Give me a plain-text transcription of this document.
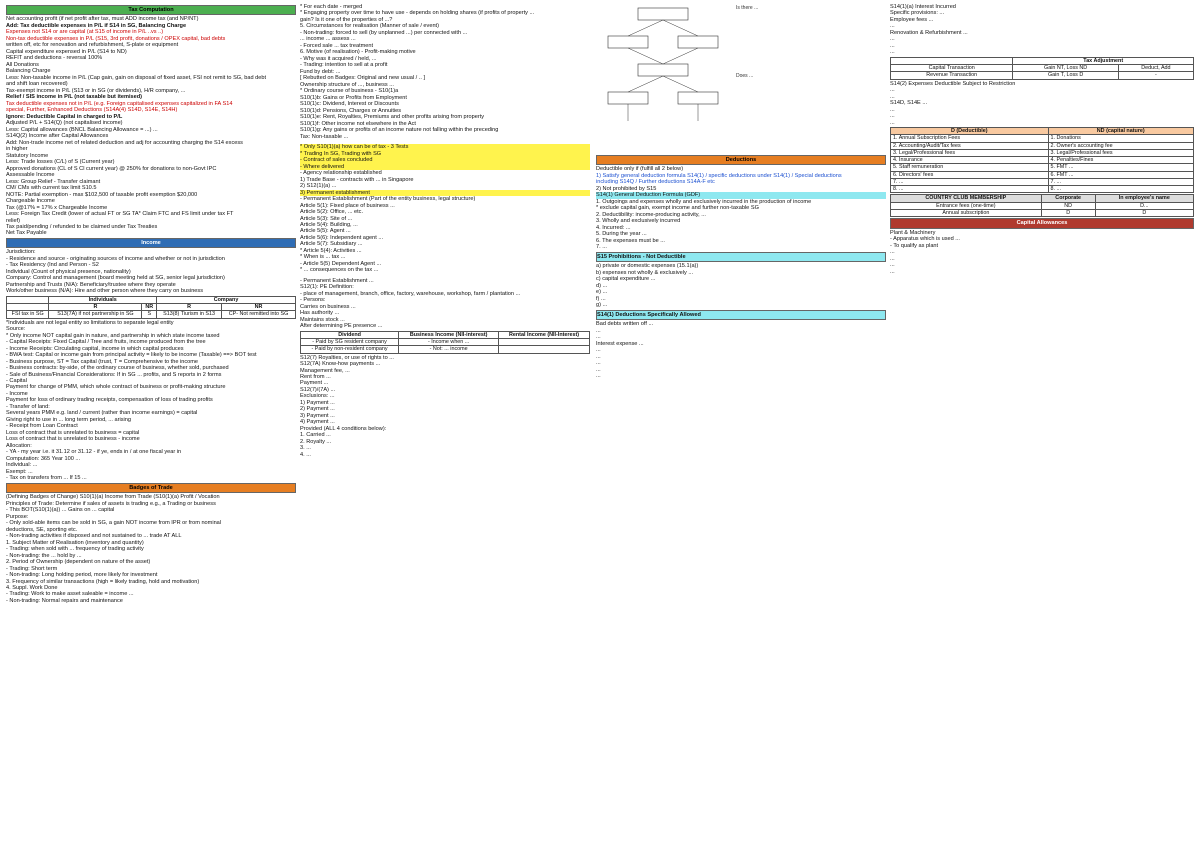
Tax Computation
Net accounting profit (if net profit after tax, must ADD income tax (and NP/NT)
Add: Tax deductible expenses in P/L if S14 in SG, Balancing Charge
Expenses not S14 or are capital (at S15 of income in P/L ..vs ..)
Non-tax deductible expenses in P/L (S15, 3rd profit, donations / OPEX capital, bad debts
written off, etc for renovation and refurbishment, S-plate or equipment
Capital expenditure expensed in P/L (S14 to ND)
REFIT and deductions - reversal 100%
All Donations
Balancing Charge
Less: Non-taxable income in P/L (Cap gain, gain on disposal of fixed asset, FSI not remit to SG, bad debt
and shift loan recovered)
Tax-exempt income in P/L (S13 or in SG (or dividends), H/R company, ...
Relief / SIS income in P/L (not taxable but itemised)
Tax deductible expenses not in P/L (e.g. Foreign capitalised expenses capitalized in FA S14
special, Further, Enhanced Deductions (S14A(4) S14D, S14E, S14H)
Ignore: Deductible Capital in charged to P/L
Adjusted P/L + S14(Q) (not capitalised income)
Less: Capital allowances (BNCL Balancing Allowance = ...) ...
S14Q(2) Income after Capital Allowances
Add: Non-trade income net of related deduction and adj for accounting charging the S14 excess
in higher
Statutory Income
Less: Trade losses (C/L) of S (Current year)
Approved donations (CL of S Cl current year) @ 250% for donations to non-Govt IPC
Assessable Income
Less: Group Relief - Transfer claimant
CM/ CMs with current tax limit S10.5
NOTE: Partial exemption - max $102,500 of taxable profit exemption $20,000
Chargeable Income
Tax (@17% = 17% x Chargeable Income
Less: Foreign Tax Credit (lower of actual FT or SG TA* Claim FTC and FS limit under tax FT
relief)
Tax paid/pending / refunded to be claimed under Tax Treaties
Net Tax Payable
Income
Jurisdiction:
- Residence and source - originating sources of income and whether or not in jurisdiction
- Tax Residency (Ind and Person - S2
Individual (Count of physical presence, nationality)
Company: Control and management (board meeting held at SG, senior legal jurisdiction)
Partnership and Trusts (N/A): Beneficiary/trustee where they operate
Work/other business (N/A): Hire and other person where they carry on business
	Individuals		Company	
	R	NR	R	NR
FSI tax in SG	S13(7A) if not partnership in SG	S	S13(8) Tiurism in S13	CP- Not remitted into SG
*Individuals are not legal entity so limitations to separate legal entity
Source:
* Only income NOT capital gain in nature, and partnership in which state income taxed
- Capital Receipts: Fixed Capital / Tree and fruits, income produced from the tree
- Income Receipts: Circulating capital, income in which capital produces
- BWA test: Capital or income gain from principal activity = likely to be income (Taxable) ==> BOT test
- Business purpose, ST = Tax capital (trust, T = Comprehensive to the income
- Business contracts: by-side, of the ordinary course of business, whether sold, purchased
- Sale of Business/Financial Considerations: If in SG ... profits, and S reports in 2 forms
- Capital
Payment for change of PMM, which whole contract of business or profit-making structure
- Income
Payment for loss of ordinary trading receipts, compensation of loss of trading profits
- Transfer of land:
Several years PMM e.g. land / current (rather than income earnings) = capital
Giving right to use in ... long term period, ... arising
- Receipt from Loan Contract
Loss of contract that is unrelated to business = capital
Loss of contract that is unrelated to business - income
Allocation:
- YA - my year i.e. it 31.12 or 31.12 - if ye, ends in / at one fiscal year in
Computation: 365 Year 100 ...
Individual: ...
Exempt: ...
- Tax on transfers from ... If 15 ...
Badges of Trade
(Defining Badges of Change) S10(1)(a) Income from Trade (S10(1)(a) Profit / Vocation
Principles of Trade: Determine if sales of assets is trading e.g., a Trading or business
- This BOT(S10(1)(a)) ... Gains on ... capital
Purpose:
- Only sold-able items can be sold in SG, a gain NOT income from IPR or from nominal
deductions, SE, sporting etc.
- Non-trading activities if disposed and not sustained to ... trade AT ALL
1. Subject Matter of Realisation (inventory and quantity)
- Trading: when sold with ... frequency of trading activity
- Non-trading: the ... hold by ...
2. Period of Ownership (dependent on nature of the asset)
- Trading: Short term
- Non-trading: Long holding period, more likely for investment
3. Frequency of similar transactions (high = likely trading, hold and motivation)
4. Suppl. Work Done
- Trading: Work to make asset saleable = income ...
- Non-trading: Normal repairs and maintenance
* For each date - merged
* Engaging property over time to have use - depends on holding shares (if profits of property ...
gain? Is it one of the properties of ...?
5. Circumstances for realisation (Manner of sale / event)
- Non-trading: forced to sell (by unplanned ...) per connected with ...
... income ... assess ...
- Forced sale ... tax treatment
6. Motive (of realisation) - Profit-making motive
- Why was it acquired / held, ...
- Trading: intention to sell at a profit
Fund by debt: ...
[ Rebutted on Badges: Original and new usual / .. ]
Ownership structure of ..., business ...
* Ordinary course of business - S10(1)a
S10(1)b: Gains or Profits from Employment
S10(1)c: Dividend, Interest or Discounts
S10(1)d: Pensions, Charges or Annuities
S10(1)e: Rent, Royalties, Premiums and other profits arising from property
S10(1)f: Other income not elsewhere in the Act
S10(1)g: Any gains or profits of an income nature not falling within the preceding
Tax: Non-taxable ...
* Only S10(1)(a) how can be of tax - 3 Tests
* Trading In SG, Trading with SG
- Contract of sales concluded
- Where delivered
- Agency relationship established
1) Trade Base - contracts with ... in Singapore
2) S12(1)(a) ...
3) Permanent establishment
- Permanent Establishment (Part of the entity business, legal structure)
Article 5(1): Fixed place of business ...
Article 5(2): Office, ... etc.
Article 5(3): Site of ...
Article 5(4): Building, ...
Article 5(5): Agent ...
Article 5(6): Independent agent ...
Article 5(7): Subsidiary ...
* Article 5(4): Activities ...
* When is ... tax ...
- Article 5(5) Dependent Agent ...
* ... consequences on the tax ...
- Permanent Establishment ...
S12(1): PE Definition:
- place of management, branch, office, factory, warehouse, workshop, farm / plantation ...
- Persons:
Carries on business ...
Has authority ...
Maintains stock ...
After determining PE presence ...
Dividend	Business Income (NII-interest)	Rental Income (NII-Interest)
- Paid by SG resident company	- Income when ...	
- Paid by non-resident company	- Not: ... income	
S12(7) Royalties, or use of rights to ...
S12(7A) Know-how payments ...
Management fee, ...
Rent from ...
Payment ...
S12(7)/(7A) ...
Exclusions: ...
1) Payment ...
2) Payment ...
3) Payment ...
4) Payment ...
Provided (ALL 4 conditions below):
1. Carried ...
2. Royalty ...
3. ...
4. ...
Is there ...
Does ...
Deductions
Deductible only if (fulfill all 2 below)
1) Satisfy general deduction formula S14(1) / specific deductions under S14(1) / Special deductions
including S14Q / Further deductions S14A-F etc
2) Not prohibited by S15
S14(1) General Deduction Formula (GDF)
1. Outgoings and expenses wholly and exclusively incurred in the production of income
* exclude capital gain, exempt income and further non-taxable SG
2. Deductibility: income-producing activity, ...
3. Wholly and exclusively incurred
4. Incurred: ...
5. During the year ...
6. The expenses must be ...
7. ...
S15 Prohibitions - Not Deductible
a) private or domestic expenses (15.1(a))
b) expenses not wholly & exclusively ...
c) capital expenditure ...
d) ...
e) ...
f) ...
g) ...
S14(1) Deductions Specifically Allowed
Bad debts written off ...
...
...
Interest expense ...
...
...
...
...
...
S14(1)(a) Interest Incurred
Specific provisions: ...
Employee fees ...
...
Renovation & Refurbishment ...
...
...
...
	Tax Adjustment	
Capital Transaction	Gain NT, Loss ND	Deduct, Add
Revenue Transaction	Gain T, Loss D	-
S14(2) Expenses Deductible Subject to Restriction
...
...
S14D, S14E ...
...
...
...
D (Deductible)	ND (capital nature)
1. Annual Subscription Fees	1. Donations
2. Accounting/Audit/Tax fees	2. Owner's accounting fee
3. Legal/Professional fees	3. Legal/Professional fees
4. Insurance	4. Penalties/Fines
5. Staff remuneration	5. FMT ...
6. Directors' fees	6. FMT ...
7. ...	7. ...
8. ...	8. ...
COUNTRY CLUB MEMBERSHIP	Corporate	In employee's name
Entrance fees (one-time)	ND	D...
Annual subscription	D	D
Capital Allowances
Plant & Machinery
- Apparatus which is used ...
- To qualify as plant
...
...
...
...
